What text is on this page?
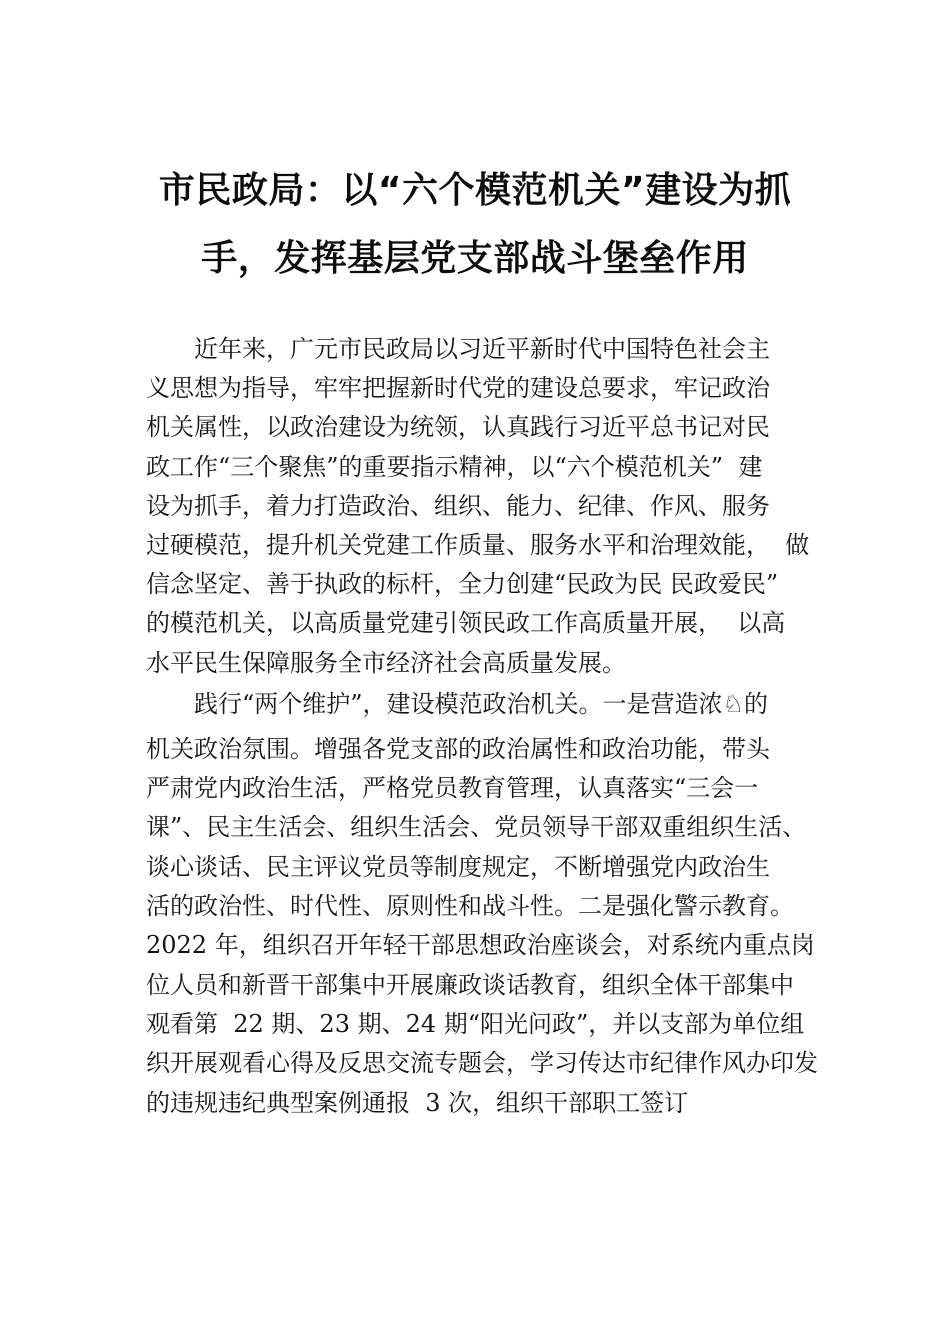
市民政局：以“六个模范机关”建设为抓
手，发挥基层党支部战斗堡垒作用
近年来，广元市民政局以习近平新时代中国特色社会主
义思想为指导，牢牢把握新时代党的建设总要求，牢记政治
机关属性，以政治建设为统领，认真践行习近平总书记对民
政工作“三个聚焦”的重要指示精神，以“六个模范机关”  建
设为抓手，着力打造政治、组织、能力、纪律、作风、服务
过硬模范，提升机关党建工作质量、服务水平和治理效能，  做
信念坚定、善于执政的标杆，全力创建“民政为民 民政爱民”
的模范机关，以高质量党建引领民政工作高质量开展，  以高
水平民生保障服务全市经济社会高质量发展。
践行“两个维护”，建设模范政治机关。一是营造浓♘的
机关政治氛围。增强各党支部的政治属性和政治功能，带头
严肃党内政治生活，严格党员教育管理，认真落实“三会一
课”、民主生活会、组织生活会、党员领导干部双重组织生活、
谈心谈话、民主评议党员等制度规定，不断增强党内政治生
活的政治性、时代性、原则性和战斗性。二是强化警示教育。
2022 年，组织召开年轻干部思想政治座谈会，对系统内重点岗
位人员和新晋干部集中开展廉政谈话教育，组织全体干部集中
观看第  22 期、23 期、24 期“阳光问政”，并以支部为单位组
织开展观看心得及反思交流专题会，学习传达市纪律作风办印发
的违规违纪典型案例通报  3 次，组织干部职工签订
